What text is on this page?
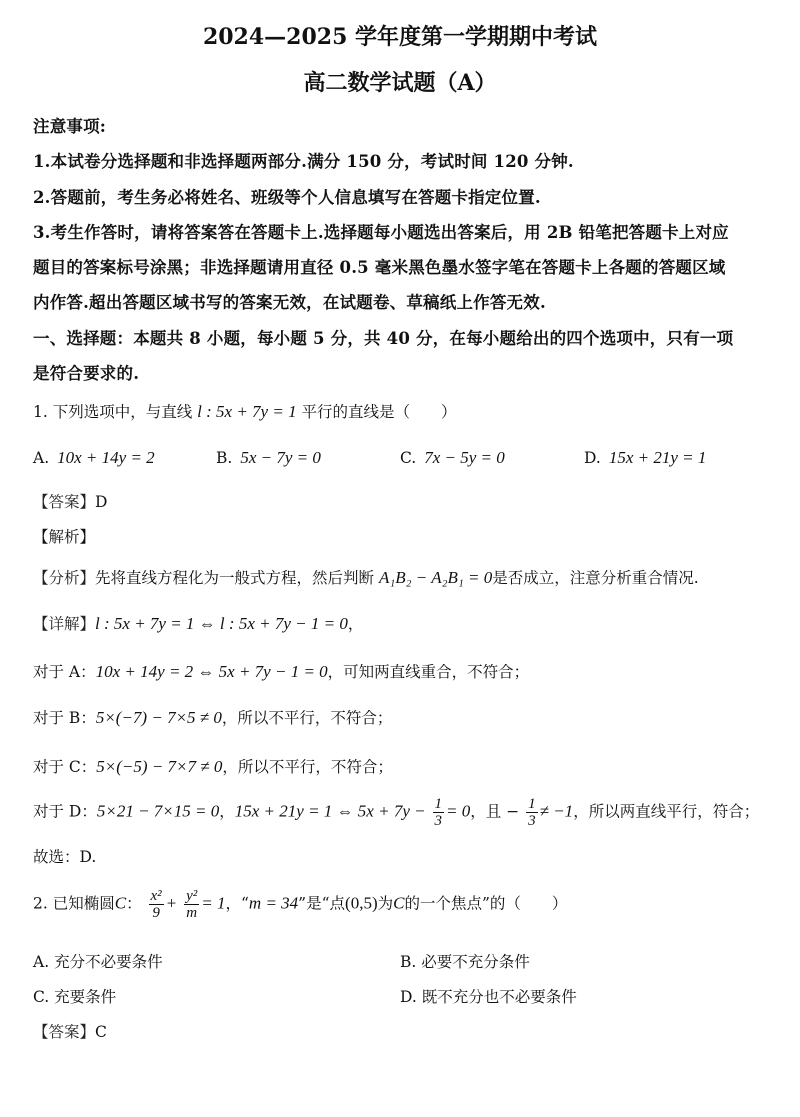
2024—2025 学年度第一学期期中考试
高二数学试题（A）
注意事项:
1.本试卷分选择题和非选择题两部分.满分 150 分，考试时间 120 分钟.
2.答题前，考生务必将姓名、班级等个人信息填写在答题卡指定位置.
3.考生作答时，请将答案答在答题卡上.选择题每小题选出答案后，用 2B 铅笔把答题卡上对应
题目的答案标号涂黑；非选择题请用直径 0.5 毫米黑色墨水签字笔在答题卡上各题的答题区域
内作答.超出答题区域书写的答案无效，在试题卷、草稿纸上作答无效.
一、选择题：本题共 8 小题，每小题 5 分，共 40 分，在每小题给出的四个选项中，只有一项
是符合要求的.
1. 下列选项中，与直线 l : 5x + 7y = 1 平行的直线是（　　）
A. 10x + 14y = 2	B. 5x − 7y = 0	C. 7x − 5y = 0	D. 15x + 21y = 1
【答案】D
【解析】
【分析】先将直线方程化为一般式方程，然后判断 A₁B₂ − A₂B₁ = 0是否成立，注意分析重合情况.
【详解】l : 5x + 7y = 1 ⇔ l : 5x + 7y − 1 = 0，
对于 A：10x + 14y = 2 ⇔ 5x + 7y − 1 = 0，可知两直线重合，不符合；
对于 B：5×(−7) − 7×5 ≠ 0，所以不平行，不符合；
对于 C：5×(−5) − 7×7 ≠ 0，所以不平行，不符合；
对于 D：5×21 − 7×15 = 0，15x + 21y = 1 ⇔ $5x + 7y - \frac{1}{3} = 0$，且 − $\frac{1}{3} \ne -1$，所以两直线平行，符合；
故选：D.
2. 已知椭圆C： $\frac{\text{x²}}{9} + \frac{\text{y²}}{m} = 1$，“m = 34”是“点(0,5)为C的一个焦点”的（　　）
A. 充分不必要条件	B. 必要不充分条件
C. 充要条件	D. 既不充分也不必要条件
【答案】C
